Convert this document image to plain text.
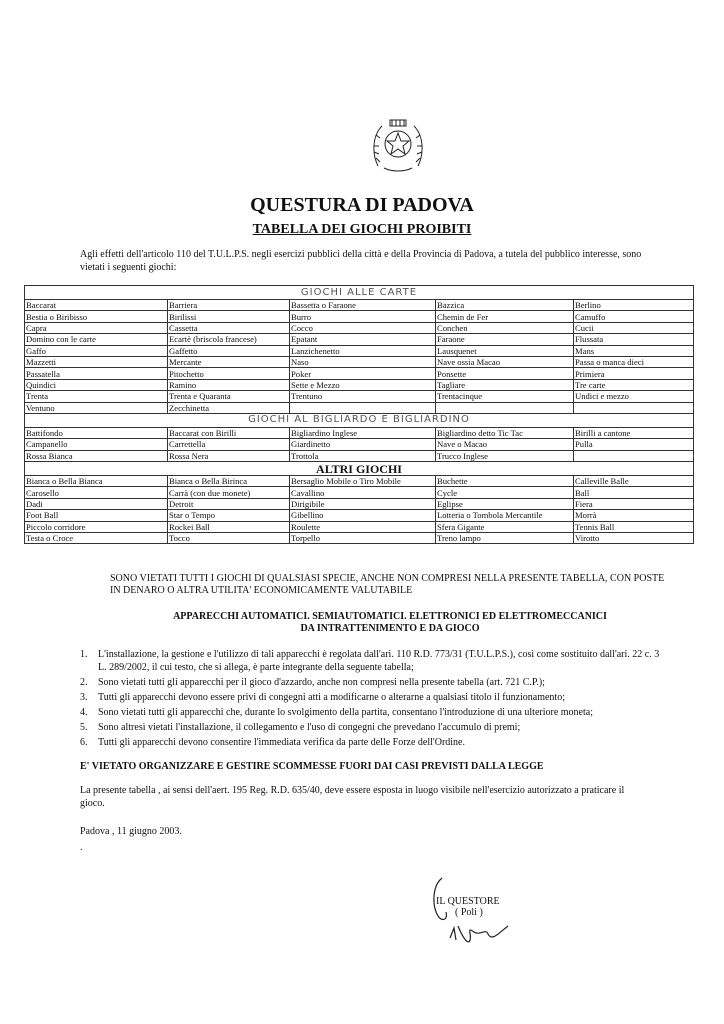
QUESTURA DI PADOVA
TABELLA DEI GIOCHI PROIBITI
Agli effetti dell'articolo 110 del T.U.L.P.S. negli esercizi pubblici della città e della Provincia di Padova, a tutela del pubblico interesse, sono vietati i seguenti giochi:
GIOCHI ALLE CARTE				
Baccarat	Barriera	Bassetta o Faraone	Bazzica	Berlino
Bestia o Biribisso	Birilissi	Burro	Chemin de Fer	Camuffo
Capra	Cassetta	Cocco	Conchen	Cucii
Domino con le carte	Ecartè (briscola francese)	Epatant	Faraone	Flussata
Gaffo	Gaffetto	Lanzichenetto	Lausquenet	Mans
Mazzetti	Mercante	Naso	Nave ossia Macao	Passa o manca dieci
Passatella	Pitochetto	Poker	Ponsette	Primiera
Quindici	Ramino	Sette e Mezzo	Tagliare	Tre carte
Trenta	Trenta e Quaranta	Trentuno	Trentacinque	Undici e mezzo
Ventuno	Zecchinetta			
GIOCHI AL BIGLIARDO E BIGLIARDINO				
Battifondo	Baccarat con Birilli	Bigliardino Inglese	Bigliardino detto Tic Tac	Birilli a cantone
Campanello	Carrettella	Giardinetto	Nave o Macao	Pulla
Rossa Bianca	Rossa Nera	Trottola	Trucco Inglese	
ALTRI GIOCHI				
Bianca o Bella Bianca	Bianca o Bella Birinca	Bersaglio Mobile o Tiro Mobile	Buchette	Calleville Balle
Carosello	Carrà (con due monete)	Cavallino	Cycle	Ball
Dadi	Detroit	Dirigibile	Eglipse	Fiera
Foot Ball	Star o Tempo	Gibellino	Lotteria o Tombola Mercantile	Morrà
Piccolo corridore	Rockei Ball	Roulette	Sfera Gigante	Tennis Ball
Testa o Croce	Tocco	Torpello	Treno lampo	Virotto
SONO VIETATI TUTTI I GIOCHI DI QUALSIASI SPECIE, ANCHE NON COMPRESI NELLA PRESENTE TABELLA, CON POSTE IN DENARO O ALTRA UTILITA' ECONOMICAMENTE VALUTABILE
APPARECCHI AUTOMATICI. SEMIAUTOMATICI. ELETTRONICI ED ELETTROMECCANICI
DA INTRATTENIMENTO E DA GIOCO
1. L'installazione, la gestione e l'utilizzo di tali apparecchi è regolata dall'ari. 110 R.D. 773/31 (T.U.L.P.S.), così come sostituito dall'ari. 22 c. 3 L. 289/2002, il cui testo, che si allega, è parte integrante della seguente tabella;
2. Sono vietati tutti gli apparecchi per il gioco d'azzardo, anche non compresi nella presente tabella (art. 721 C.P.);
3. Tutti gli apparecchi devono essere privi di congegni atti a modificarne o alterarne a qualsiasi titolo il funzionamento;
4. Sono vietati tutti gli apparecchi che, durante lo svolgimento della partita, consentano l'introduzione di una ulteriore moneta;
5. Sono altresì vietati l'installazione, il collegamento e l'uso di congegni che prevedano l'accumulo di premi;
6. Tutti gli apparecchi devono consentire l'immediata verifica da parte delle Forze dell'Ordine.
E' VIETATO ORGANIZZARE E GESTIRE SCOMMESSE FUORI DAI CASI PREVISTI DALLA LEGGE
La presente tabella , ai sensi dell'aert. 195 Reg. R.D. 635/40, deve essere esposta in luogo visibile nell'esercizio autorizzato a praticare il gioco.
Padova , 11 giugno 2003.
.
IL QUESTORE
( Poli )
